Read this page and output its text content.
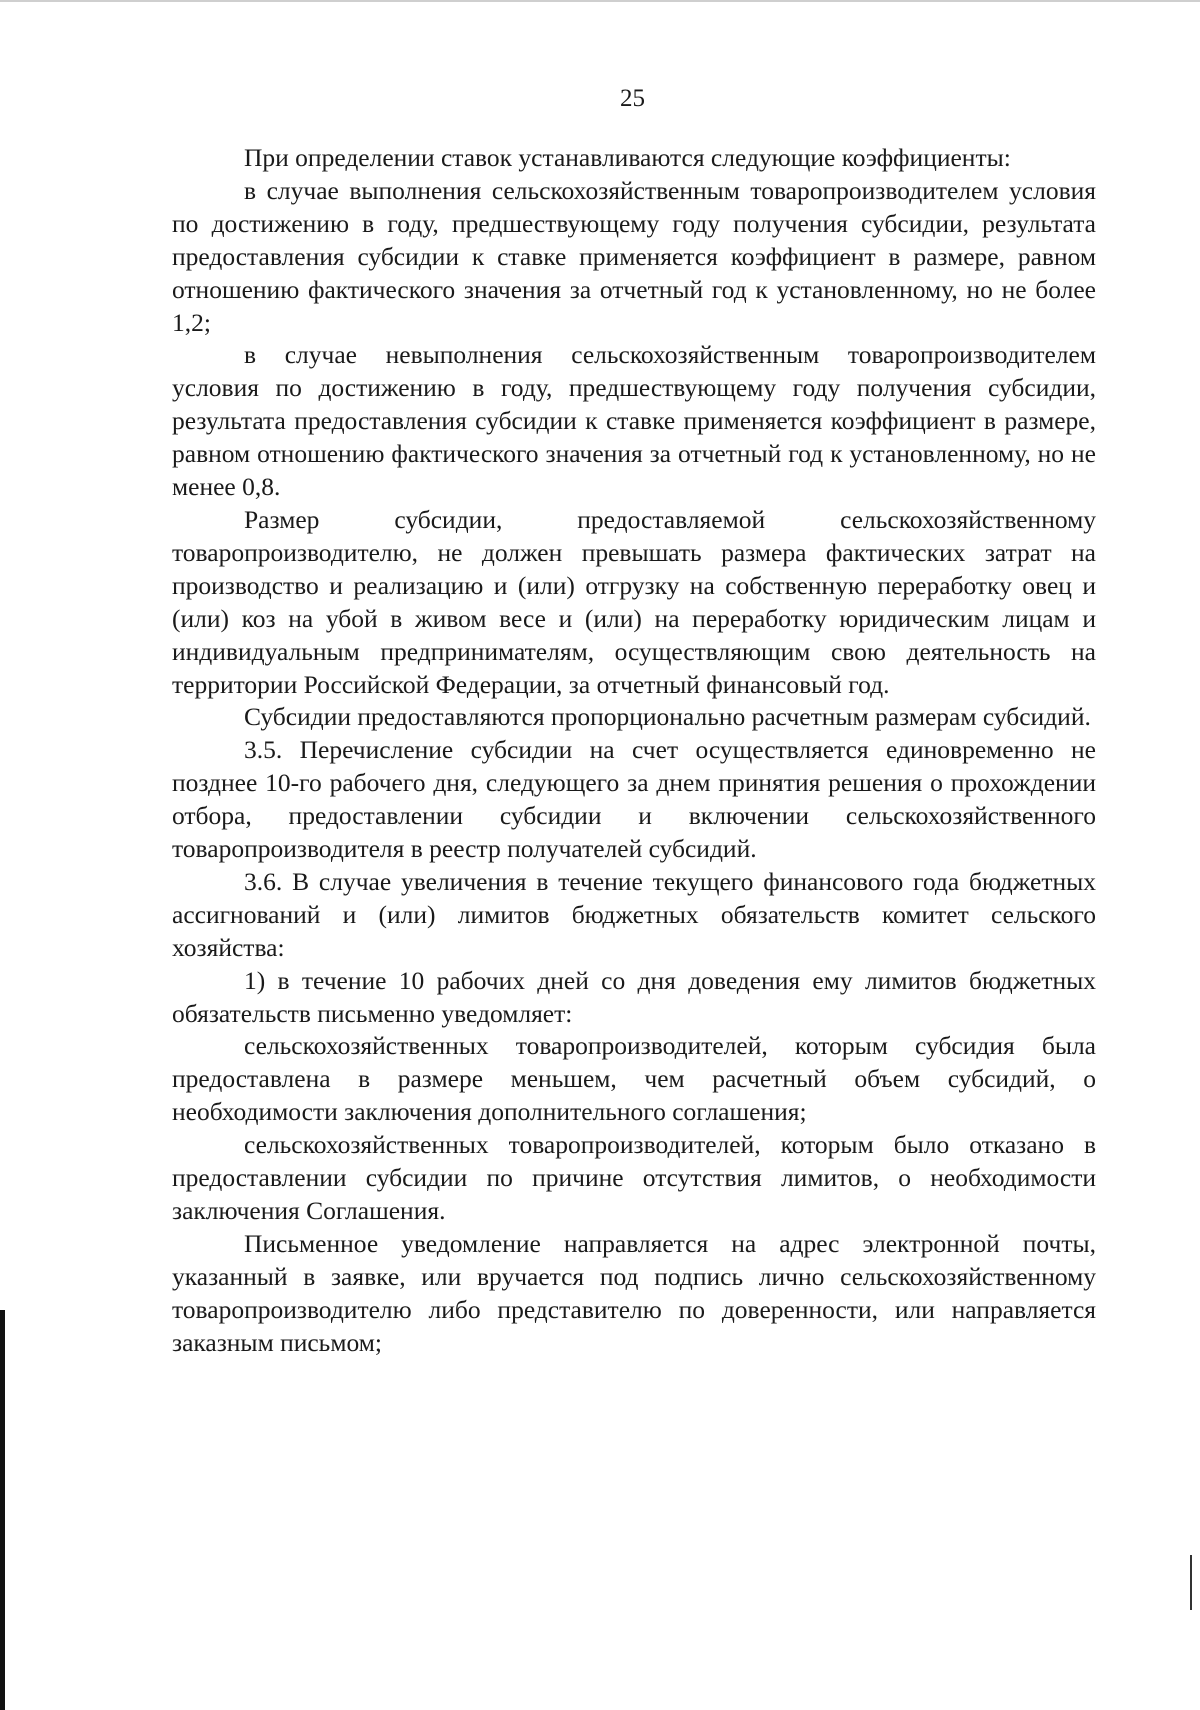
25

При определении ставок устанавливаются следующие коэффициенты:

в случае выполнения сельскохозяйственным товаропроизводителем условия по достижению в году, предшествующему году получения субсидии, результата предоставления субсидии к ставке применяется коэффициент в размере, равном отношению фактического значения за отчетный год к установленному, но не более 1,2;

в случае невыполнения сельскохозяйственным товаропроизводителем условия по достижению в году, предшествующему году получения субсидии, результата предоставления субсидии к ставке применяется коэффициент в размере, равном отношению фактического значения за отчетный год к установленному, но не менее 0,8.

Размер субсидии, предоставляемой сельскохозяйственному товаропроизводителю, не должен превышать размера фактических затрат на производство и реализацию и (или) отгрузку на собственную переработку овец и (или) коз на убой в живом весе и (или) на переработку юридическим лицам и индивидуальным предпринимателям, осуществляющим свою деятельность на территории Российской Федерации, за отчетный финансовый год.

Субсидии предоставляются пропорционально расчетным размерам субсидий.

3.5. Перечисление субсидии на счет осуществляется единовременно не позднее 10-го рабочего дня, следующего за днем принятия решения о прохождении отбора, предоставлении субсидии и включении сельскохозяйственного товаропроизводителя в реестр получателей субсидий.

3.6. В случае увеличения в течение текущего финансового года бюджетных ассигнований и (или) лимитов бюджетных обязательств комитет сельского хозяйства:

1) в течение 10 рабочих дней со дня доведения ему лимитов бюджетных обязательств письменно уведомляет:

сельскохозяйственных товаропроизводителей, которым субсидия была предоставлена в размере меньшем, чем расчетный объем субсидий, о необходимости заключения дополнительного соглашения;

сельскохозяйственных товаропроизводителей, которым было отказано в предоставлении субсидии по причине отсутствия лимитов, о необходимости заключения Соглашения.

Письменное уведомление направляется на адрес электронной почты, указанный в заявке, или вручается под подпись лично сельскохозяйственному товаропроизводителю либо представителю по доверенности, или направляется заказным письмом;
